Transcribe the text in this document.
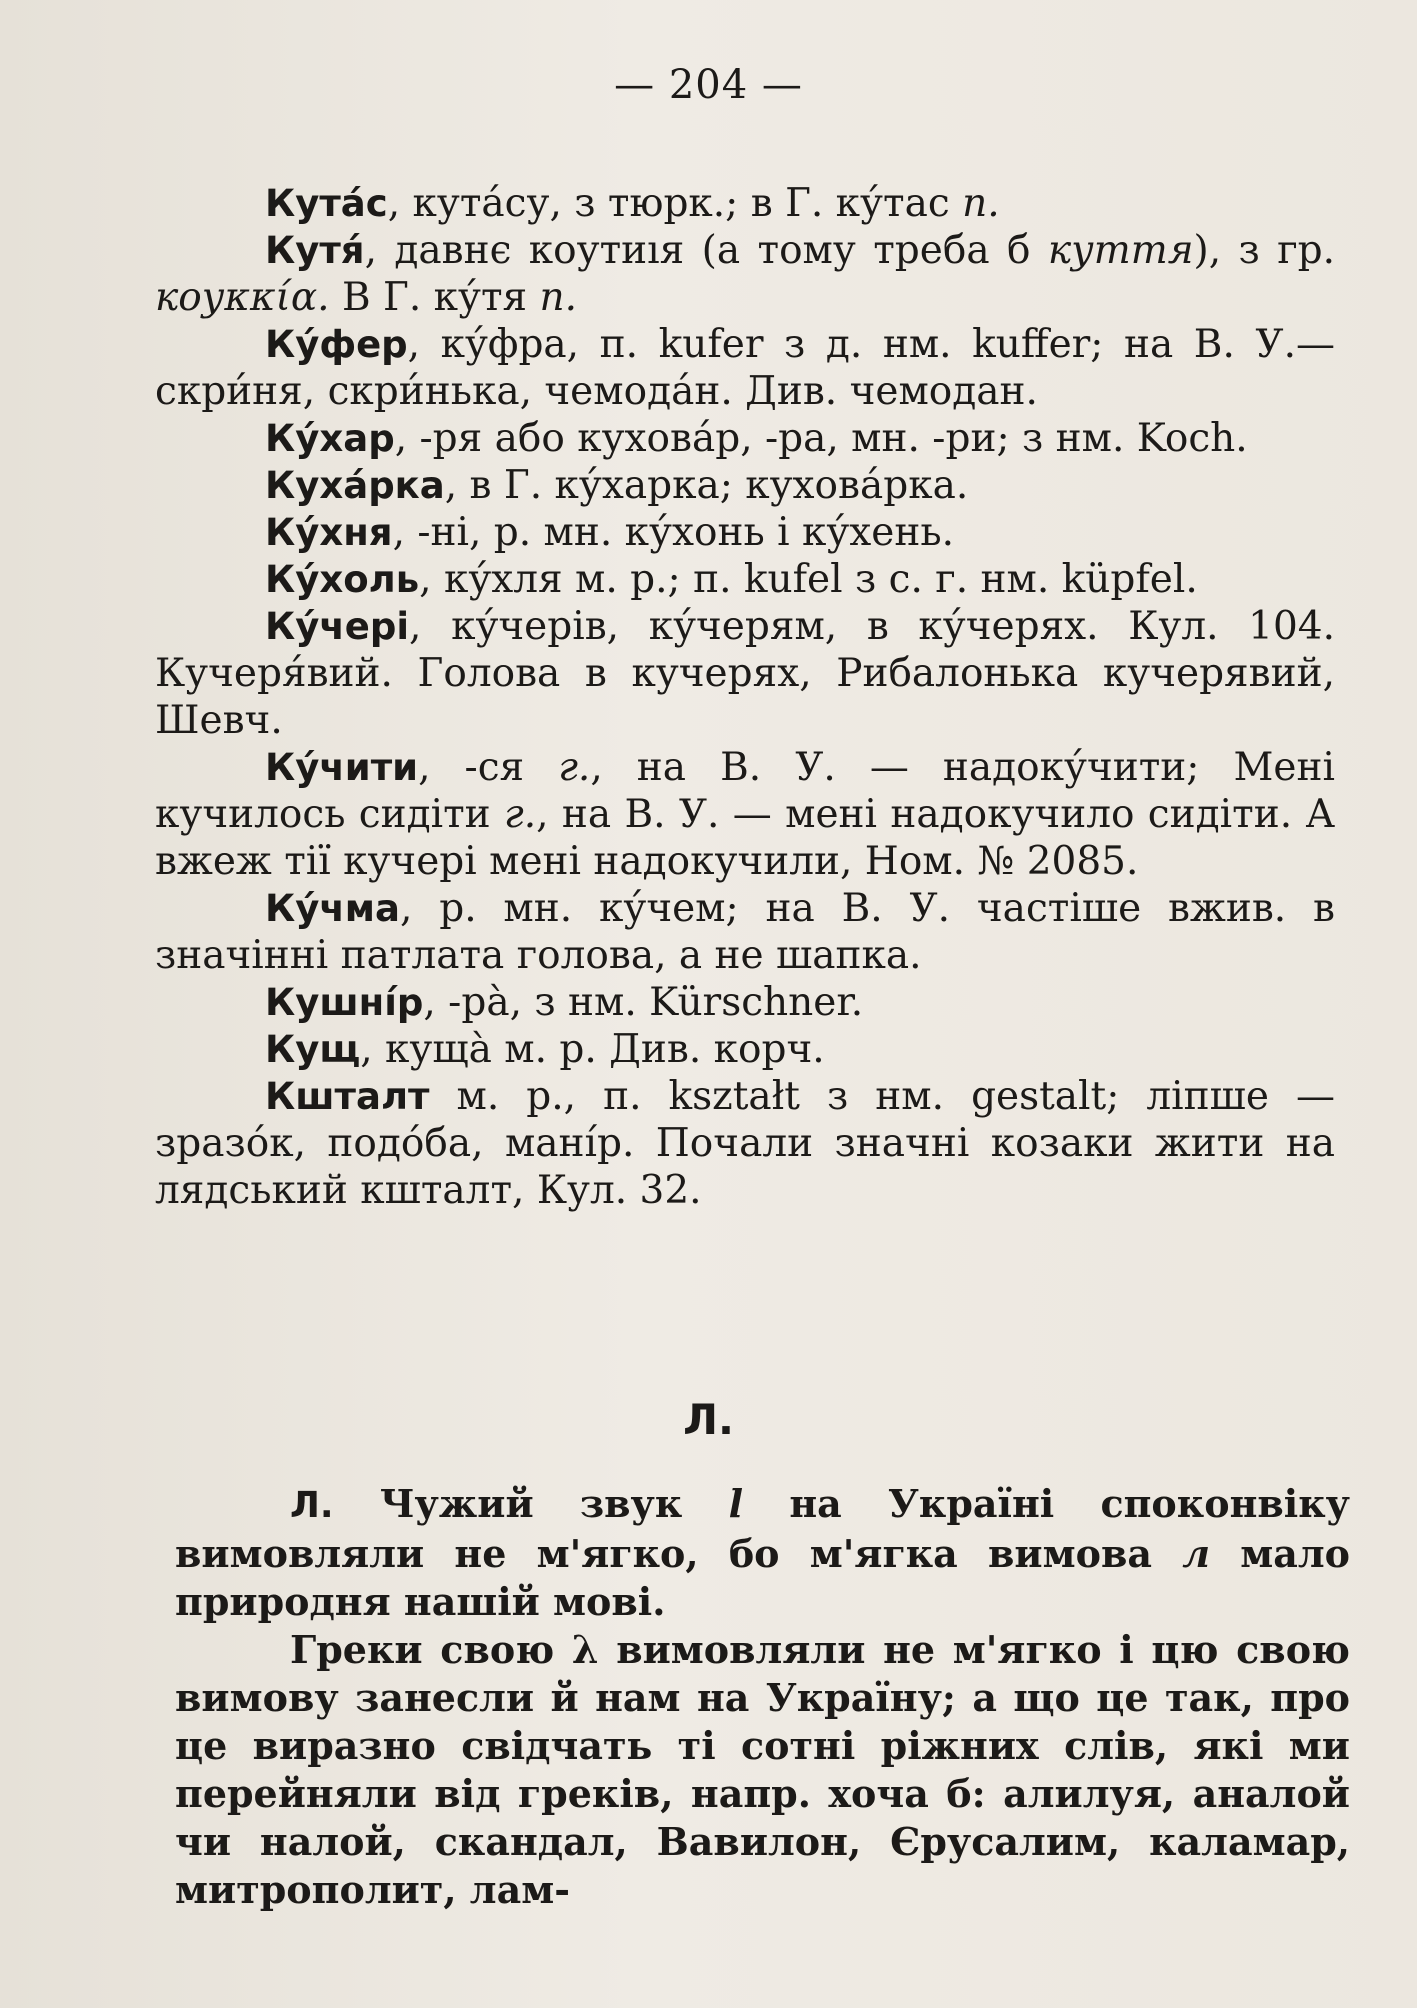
— 204 —

Кута́с, кута́су, з тюрк.; в Г. ку́тас п.

Кутя́, давнє коутиıя (а тому треба б куття), з гр. коуκκία. В Г. ку́тя п.

Ку́фер, ку́фра, п. kufer з д. нм. kuffer; на В. У.— скри́ня, скри́нька, чемода́н. Див. чемодан.

Ку́хар, -ря або кухова́р, -ра, мн. -ри; з нм. Koch.

Куха́рка, в Г. ку́харка; кухова́рка.

Ку́хня, -ні, р. мн. ку́хонь і ку́хень.

Ку́холь, ку́хля м. р.; п. kufel з с. г. нм. küpfel.

Ку́чері, ку́черів, ку́черям, в ку́черях. Кул. 104. Кучеря́вий. Голова в кучерях, Рибалонька кучерявий, Шевч.

Ку́чити, -ся г., на В. У. — надоку́чити; Мені кучилось сидіти г., на В. У. — мені надокучило сидіти. А вжеж тії кучері мені надокучили, Ном. № 2085.

Ку́чма, р. мн. ку́чем; на В. У. частіше вжив. в значінні патлата голова, а не шапка.

Кушні́р, -ра̀, з нм. Kürschner.

Кущ, куща̀ м. р. Див. корч.

Кшталт м. р., п. kształt з нм. gestalt; ліпше — зразо́к, подо́ба, мані́р. Почали значні козаки жити на лядський кшталт, Кул. 32.

Л.

Л. Чужий звук l на Україні споконвіку вимовляли не м'ягко, бо м'ягка вимова л мало природня нашій мові.

Греки свою λ вимовляли не м'ягко і цю свою вимову занесли й нам на Україну; а що це так, про це виразно свідчать ті сотні ріжних слів, які ми перейняли від греків, напр. хоча б: алилуя, аналой чи налой, скандал, Вавилон, Єрусалим, каламар, митрополит, лам-
